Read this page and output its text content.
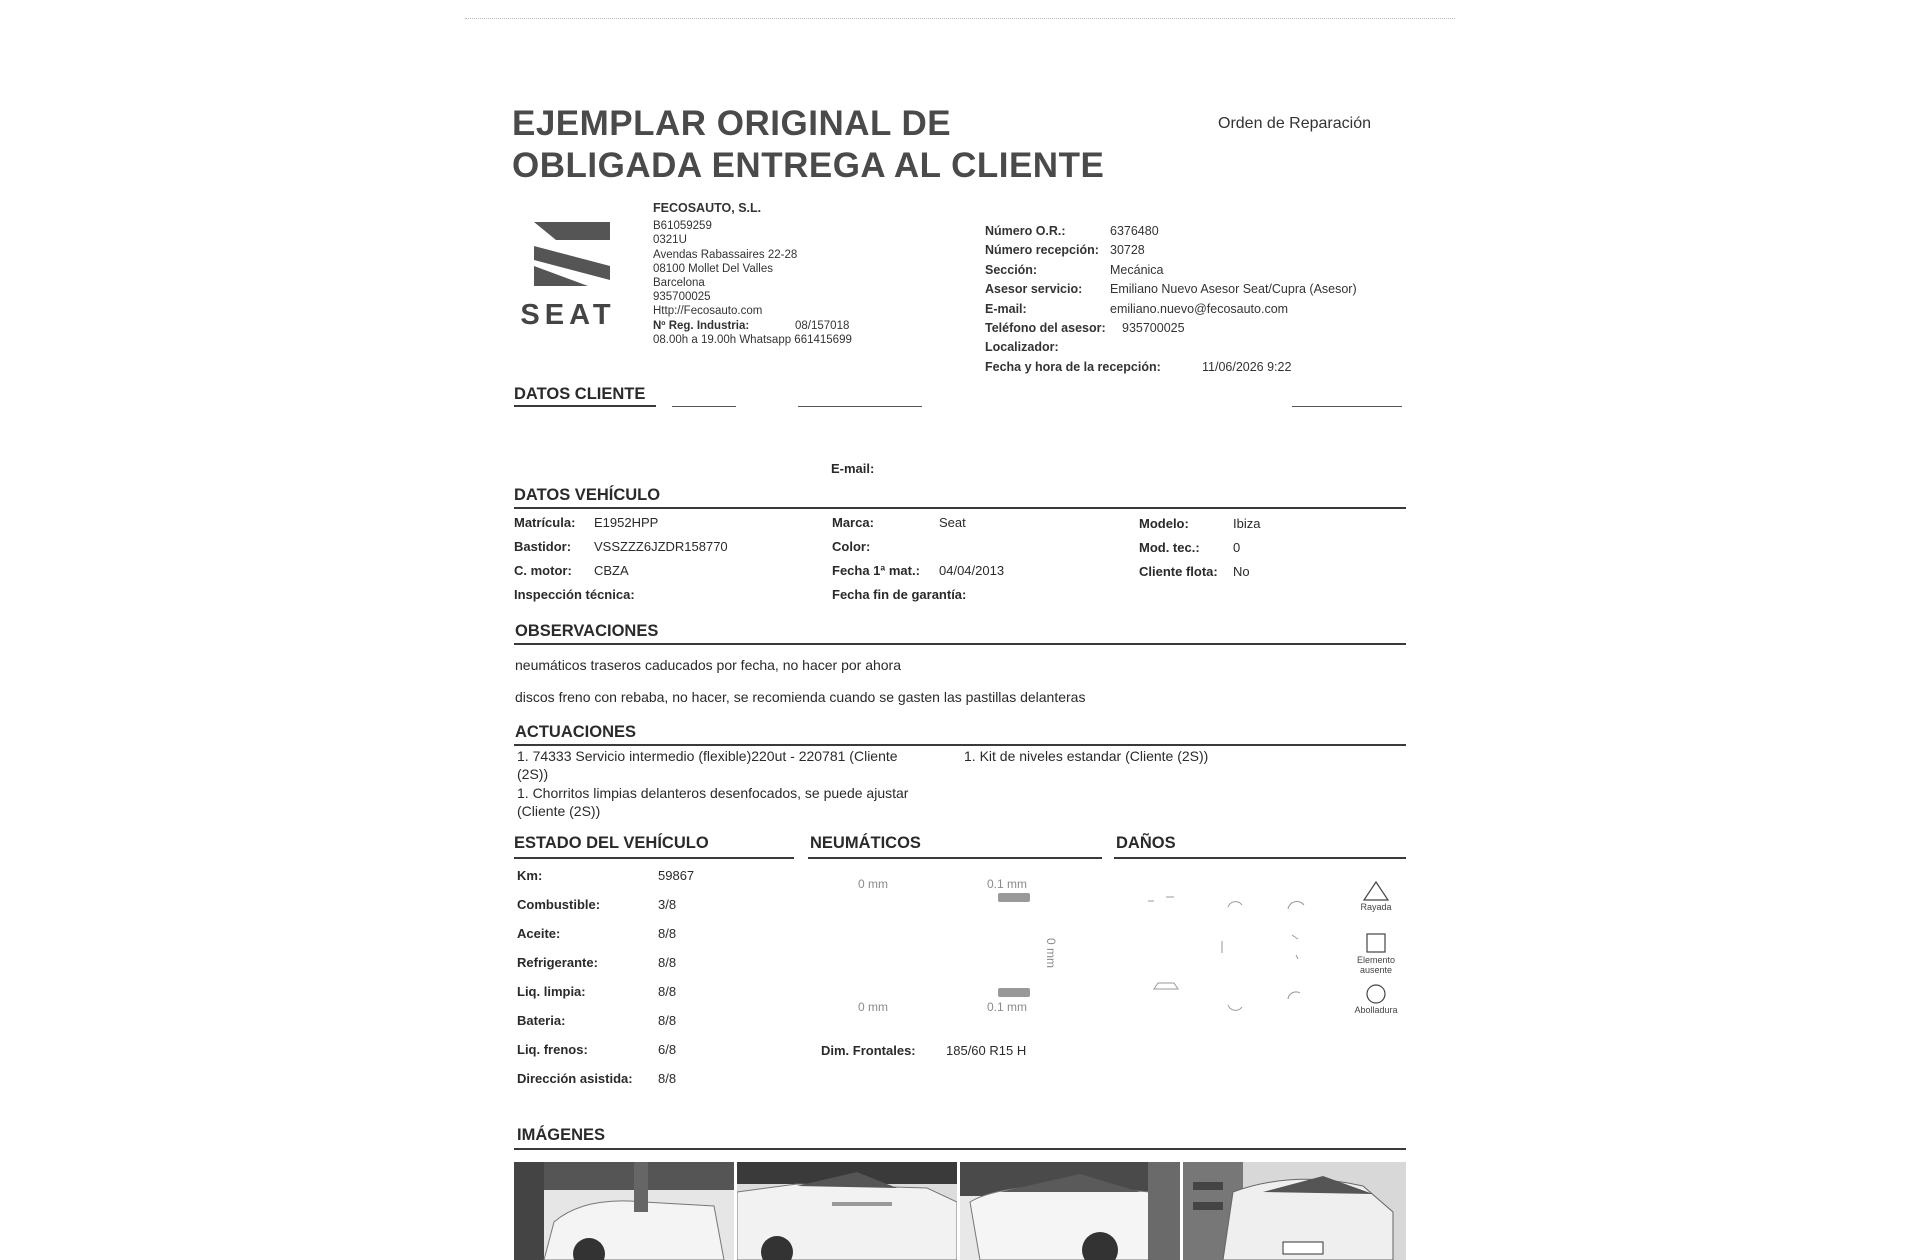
EJEMPLAR ORIGINAL DE
OBLIGADA ENTREGA AL CLIENTE
Orden de Reparación
SEAT
FECOSAUTO, S.L.
B61059259
0321U
Avendas Rabassaires 22-28
08100 Mollet Del Valles
Barcelona
935700025
Http://Fecosauto.com
Nº Reg. Industria:	08/157018
08.00h a 19.00h Whatsapp 661415699
Número O.R.:	6376480
Número recepción: 30728
Sección:	Mecánica
Asesor servicio: Emiliano Nuevo Asesor Seat/Cupra (Asesor)
E-mail:	emiliano.nuevo@fecosauto.com
Teléfono del asesor: 935700025
Localizador:
Fecha y hora de la recepción:	11/06/2026 9:22
DATOS CLIENTE
E-mail:
DATOS VEHÍCULO
Matrícula: E1952HPP
Bastidor: VSSZZZ6JZDR158770
C. motor: CBZA
Inspección técnica:
Marca:	Seat
Color:
Fecha 1ª mat.: 04/04/2013
Fecha fin de garantía:
Modelo:	Ibiza
Mod. tec.:	0
Cliente flota: No
OBSERVACIONES
neumáticos traseros caducados por fecha, no hacer por ahora
discos freno con rebaba, no hacer, se recomienda cuando se gasten las pastillas delanteras
ACTUACIONES
1. 74333 Servicio intermedio (flexible)220ut - 220781 (Cliente
(2S))
1. Kit de niveles estandar (Cliente (2S))
1. Chorritos limpias delanteros desenfocados, se puede ajustar
(Cliente (2S))
ESTADO DEL VEHÍCULO
Km:	59867
Combustible:	3/8
Aceite:	8/8
Refrigerante:	8/8
Liq. limpia:	8/8
Bateria:	8/8
Liq. frenos:	6/8
Dirección asistida: 8/8
NEUMÁTICOS
0 mm	0.1 mm
0 mm
0 mm	0.1 mm
Dim. Frontales: 185/60 R15 H
DAÑOS
Rayada
Elemento ausente
Abolladura
IMÁGENES
